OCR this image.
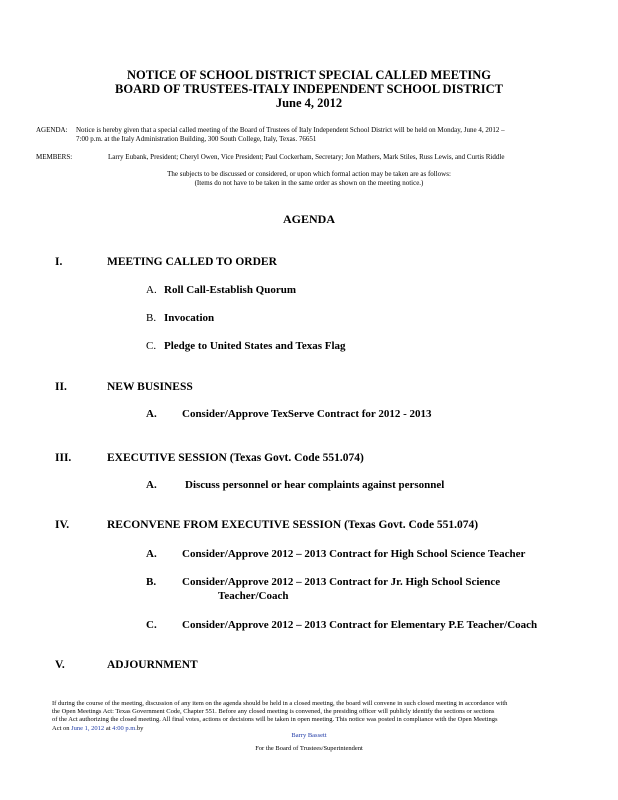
NOTICE OF SCHOOL DISTRICT SPECIAL CALLED MEETING
BOARD OF TRUSTEES-ITALY INDEPENDENT SCHOOL DISTRICT
June 4, 2012
AGENDA:	Notice is hereby given that a special called meeting of the Board of Trustees of Italy Independent School District will be held on Monday, June 4, 2012 –
7:00 p.m. at the Italy Administration Building, 300 South College, Italy, Texas. 76651
MEMBERS:	Larry Eubank, President; Cheryl Owen, Vice President; Paul Cockerham, Secretary; Jon Mathers, Mark Stiles, Russ Lewis, and Curtis Riddle
The subjects to be discussed or considered, or upon which formal action may be taken are as follows:
(Items do not have to be taken in the same order as shown on the meeting notice.)
AGENDA
I.	MEETING CALLED TO ORDER
A. Roll Call-Establish Quorum
B. Invocation
C. Pledge to United States and Texas Flag
II.	NEW BUSINESS
A. Consider/Approve TexServe Contract for 2012 - 2013
III.	EXECUTIVE SESSION (Texas Govt. Code 551.074)
A.	Discuss personnel or hear complaints against personnel
IV.	RECONVENE FROM EXECUTIVE SESSION (Texas Govt. Code 551.074)
A. Consider/Approve 2012 – 2013 Contract for High School Science Teacher
B. Consider/Approve 2012 – 2013 Contract for Jr. High School Science
Teacher/Coach
C. Consider/Approve 2012 – 2013 Contract for Elementary P.E Teacher/Coach
V.	ADJOURNMENT
If during the course of the meeting, discussion of any item on the agenda should be held in a closed meeting, the board will convene in such closed meeting in accordance with
the Open Meetings Act: Texas Government Code, Chapter 551. Before any closed meeting is convened, the presiding officer will publicly identify the sections or sections
of the Act authorizing the closed meeting. All final votes, actions or decisions will be taken in open meeting. This notice was posted in compliance with the Open Meetings
Act on June 1, 2012 at 4:00 p.m.by
Barry Bassett
For the Board of Trustees/Superintendent
